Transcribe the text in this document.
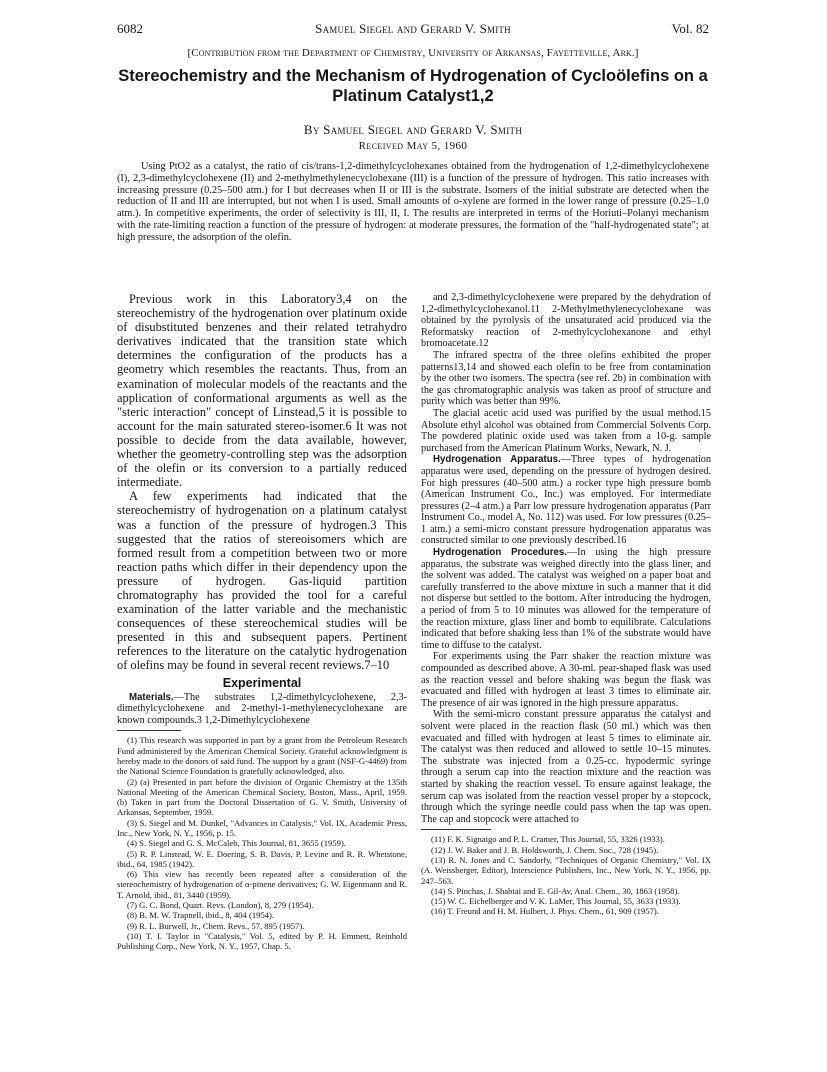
6082	Samuel Siegel and Gerard V. Smith	Vol. 82
[Contribution from the Department of Chemistry, University of Arkansas, Fayetteville, Ark.]
Stereochemistry and the Mechanism of Hydrogenation of Cycloölefins on a Platinum Catalyst1,2
By Samuel Siegel and Gerard V. Smith
Received May 5, 1960
Using PtO2 as a catalyst, the ratio of cis/trans-1,2-dimethylcyclohexanes obtained from the hydrogenation of 1,2-dimethylcyclohexene (I), 2,3-dimethylcyclohexene (II) and 2-methylmethylenecyclohexane (III) is a function of the pressure of hydrogen. This ratio increases with increasing pressure (0.25–500 atm.) for I but decreases when II or III is the substrate. Isomers of the initial substrate are detected when the reduction of II and III are interrupted, but not when I is used. Small amounts of o-xylene are formed in the lower range of pressure (0.25–1.0 atm.). In competitive experiments, the order of selectivity is III, II, I. The results are interpreted in terms of the Horiuti–Polanyi mechanism with the rate-limiting reaction a function of the pressure of hydrogen: at moderate pressures, the formation of the "half-hydrogenated state"; at high pressure, the adsorption of the olefin.

Previous work in this Laboratory3,4 on the stereochemistry of the hydrogenation over platinum oxide of disubstituted benzenes and their related tetrahydro derivatives indicated that the transition state which determines the configuration of the products has a geometry which resembles the reactants. Thus, from an examination of molecular models of the reactants and the application of conformational arguments as well as the "steric interaction" concept of Linstead,5 it is possible to account for the main saturated stereo-isomer.6 It was not possible to decide from the data available, however, whether the geometry-controlling step was the adsorption of the olefin or its conversion to a partially reduced intermediate.

A few experiments had indicated that the stereochemistry of hydrogenation on a platinum catalyst was a function of the pressure of hydrogen.3 This suggested that the ratios of stereoisomers which are formed result from a competition between two or more reaction paths which differ in their dependency upon the pressure of hydrogen. Gas-liquid partition chromatography has provided the tool for a careful examination of the latter variable and the mechanistic consequences of these stereochemical studies will be presented in this and subsequent papers. Pertinent references to the literature on the catalytic hydrogenation of olefins may be found in several recent reviews.7–10

Experimental

Materials.—The substrates 1,2-dimethylcyclohexene, 2,3-dimethylcyclohexene and 2-methyl-1-methylenecyclohexane are known compounds.3 1,2-Dimethylcyclohexene

(1) This research was supported in part by a grant from the Petroleum Research Fund administered by the American Chemical Society. Grateful acknowledgment is hereby made to the donors of said fund. The support by a grant (NSF-G-4469) from the National Science Foundation is gratefully acknowledged, also.

(2) (a) Presented in part before the division of Organic Chemistry at the 135th National Meeting of the American Chemical Society, Boston, Mass., April, 1959. (b) Taken in part from the Doctoral Dissertation of G. V. Smith, University of Arkansas, September, 1959.

(3) S. Siegel and M. Dunkel, "Advances in Catalysis," Vol. IX, Academic Press, Inc., New York, N. Y., 1956, p. 15.

(4) S. Siegel and G. S. McCaleb, This Journal, 81, 3655 (1959).

(5) R. P. Linstead, W. E. Doering, S. B. Davis, P. Levine and R. R. Whetstone, ibid., 64, 1985 (1942).

(6) This view has recently been repeated after a consideration of the stereochemistry of hydrogenation of α-pinene derivatives; G. W. Eigenmann and R. T. Arnold, ibid., 81, 3440 (1959).

(7) G. C. Bond, Quart. Revs. (London), 8, 279 (1954).

(8) B. M. W. Trapnell, ibid., 8, 404 (1954).

(9) R. L. Burwell, Jr., Chem. Revs., 57, 895 (1957).

(10) T. I. Taylor in "Catalysis," Vol. 5, edited by P. H. Emmett, Reinhold Publishing Corp., New York, N. Y., 1957, Chap. 5.

and 2,3-dimethylcyclohexene were prepared by the dehydration of 1,2-dimethylcyclohexanol.11 2-Methylmethylenecyclohexane was obtained by the pyrolysis of the unsaturated acid produced via the Reformatsky reaction of 2-methylcyclohexanone and ethyl bromoacetate.12

The infrared spectra of the three olefins exhibited the proper patterns13,14 and showed each olefin to be free from contamination by the other two isomers. The spectra (see ref. 2b) in combination with the gas chromatographic analysis was taken as proof of structure and purity which was better than 99%.

The glacial acetic acid used was purified by the usual method.15 Absolute ethyl alcohol was obtained from Commercial Solvents Corp. The powdered platinic oxide used was taken from a 10-g. sample purchased from the American Platinum Works, Newark, N. J.

Hydrogenation Apparatus.—Three types of hydrogenation apparatus were used, depending on the pressure of hydrogen desired. For high pressures (40–500 atm.) a rocker type high pressure bomb (American Instrument Co., Inc.) was employed. For intermediate pressures (2–4 atm.) a Parr low pressure hydrogenation apparatus (Parr Instrument Co., model A, No. 112) was used. For low pressures (0.25–1 atm.) a semi-micro constant pressure hydrogenation apparatus was constructed similar to one previously described.16

Hydrogenation Procedures.—In using the high pressure apparatus, the substrate was weighed directly into the glass liner, and the solvent was added. The catalyst was weighed on a paper boat and carefully transferred to the above mixture in such a manner that it did not disperse but settled to the bottom. After introducing the hydrogen, a period of from 5 to 10 minutes was allowed for the temperature of the reaction mixture, glass liner and bomb to equilibrate. Calculations indicated that before shaking less than 1% of the substrate would have time to diffuse to the catalyst.

For experiments using the Parr shaker the reaction mixture was compounded as described above. A 30-ml. pear-shaped flask was used as the reaction vessel and before shaking was begun the flask was evacuated and filled with hydrogen at least 3 times to eliminate air. The presence of air was ignored in the high pressure apparatus.

With the semi-micro constant pressure apparatus the catalyst and solvent were placed in the reaction flask (50 ml.) which was then evacuated and filled with hydrogen at least 5 times to eliminate air. The catalyst was then reduced and allowed to settle 10–15 minutes. The substrate was injected from a 0.25-cc. hypodermic syringe through a serum cap into the reaction mixture and the reaction was started by shaking the reaction vessel. To ensure against leakage, the serum cap was isolated from the reaction vessel proper by a stopcock, through which the syringe needle could pass when the tap was open. The cap and stopcock were attached to

(11) F. K. Signaigo and P. L. Cramer, This Journal, 55, 3326 (1933).

(12) J. W. Baker and J. B. Holdsworth, J. Chem. Soc., 728 (1945).

(13) R. N. Jones and C. Sandorfy, "Techniques of Organic Chemistry," Vol. IX (A. Weissberger, Editor), Interscience Publishers, Inc., New York, N. Y., 1956, pp. 247–563.

(14) S. Pinchas, J. Shabtai and E. Gil-Av, Anal. Chem., 30, 1863 (1958).

(15) W. C. Eichelberger and V. K. LaMer, This Journal, 55, 3633 (1933).

(16) T. Freund and H. M. Hulbert, J. Phys. Chem., 61, 909 (1957).
